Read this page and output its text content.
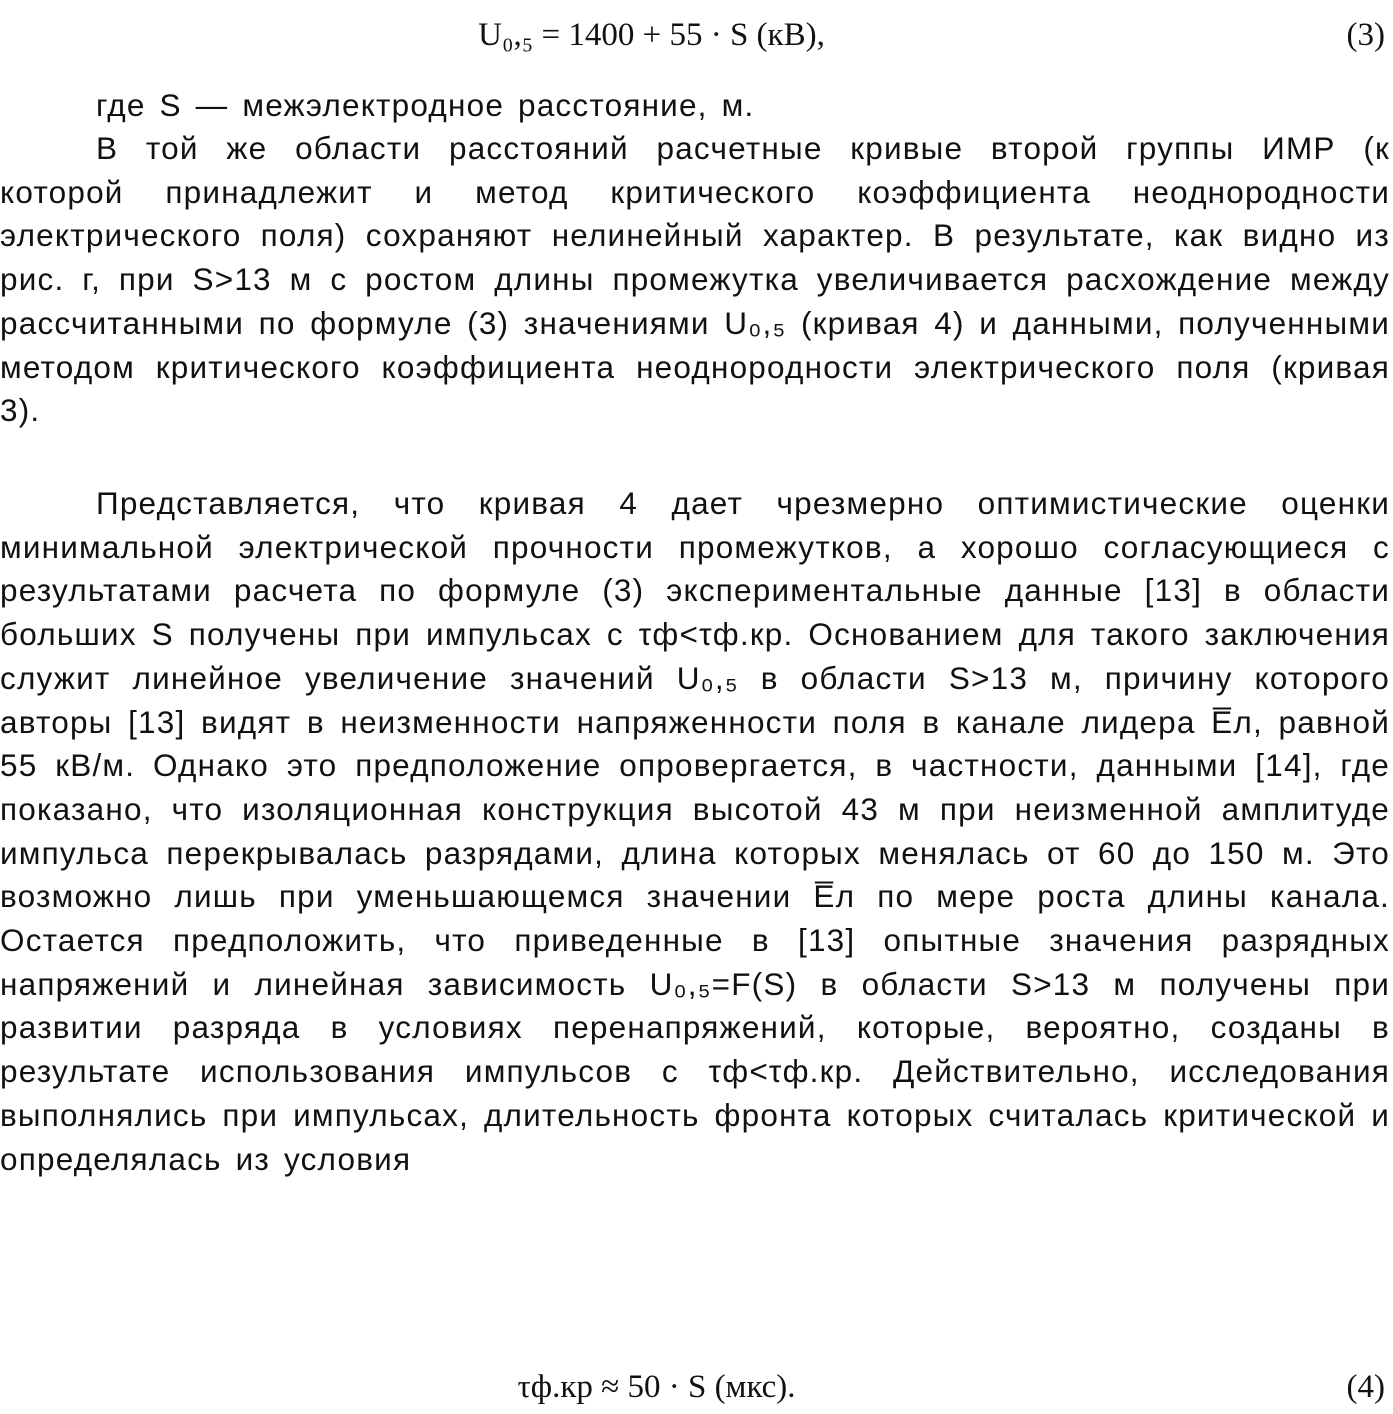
U₀,₅ = 1400 + 55 · S (кВ),	(3)

где S — межэлектродное расстояние, м.

В той же области расстояний расчетные кривые второй группы ИМР (к которой принадлежит и метод критического коэффициента неоднородности электрического поля) сохраняют нелинейный характер. В результате, как видно из рис. г, при S>13 м с ростом длины промежутка увеличивается расхождение между рассчитанными по формуле (3) значениями U₀,₅ (кривая 4) и данными, полученными методом критического коэффициента неоднородности электрического поля (кривая 3).

Представляется, что кривая 4 дает чрезмерно оптимистические оценки минимальной электрической прочности промежутков, а хорошо согласующиеся с результатами расчета по формуле (3) экспериментальные данные [13] в области больших S получены при импульсах с τф<τф.кр. Основанием для такого заключения служит линейное увеличение значений U₀,₅ в области S>13 м, причину которого авторы [13] видят в неизменности напряженности поля в канале лидера E̅л, равной 55 кВ/м. Однако это предположение опровергается, в частности, данными [14], где показано, что изоляционная конструкция высотой 43 м при неизменной амплитуде импульса перекрывалась разрядами, длина которых менялась от 60 до 150 м. Это возможно лишь при уменьшающемся значении E̅л по мере роста длины канала. Остается предположить, что приведенные в [13] опытные значения разрядных напряжений и линейная зависимость U₀,₅=F(S) в области S>13 м получены при развитии разряда в условиях перенапряжений, которые, вероятно, созданы в результате использования импульсов с τф<τф.кр. Действительно, исследования выполнялись при импульсах, длительность фронта которых считалась критической и определялась из условия

τф.кр ≈ 50 · S (мкс).	(4)
